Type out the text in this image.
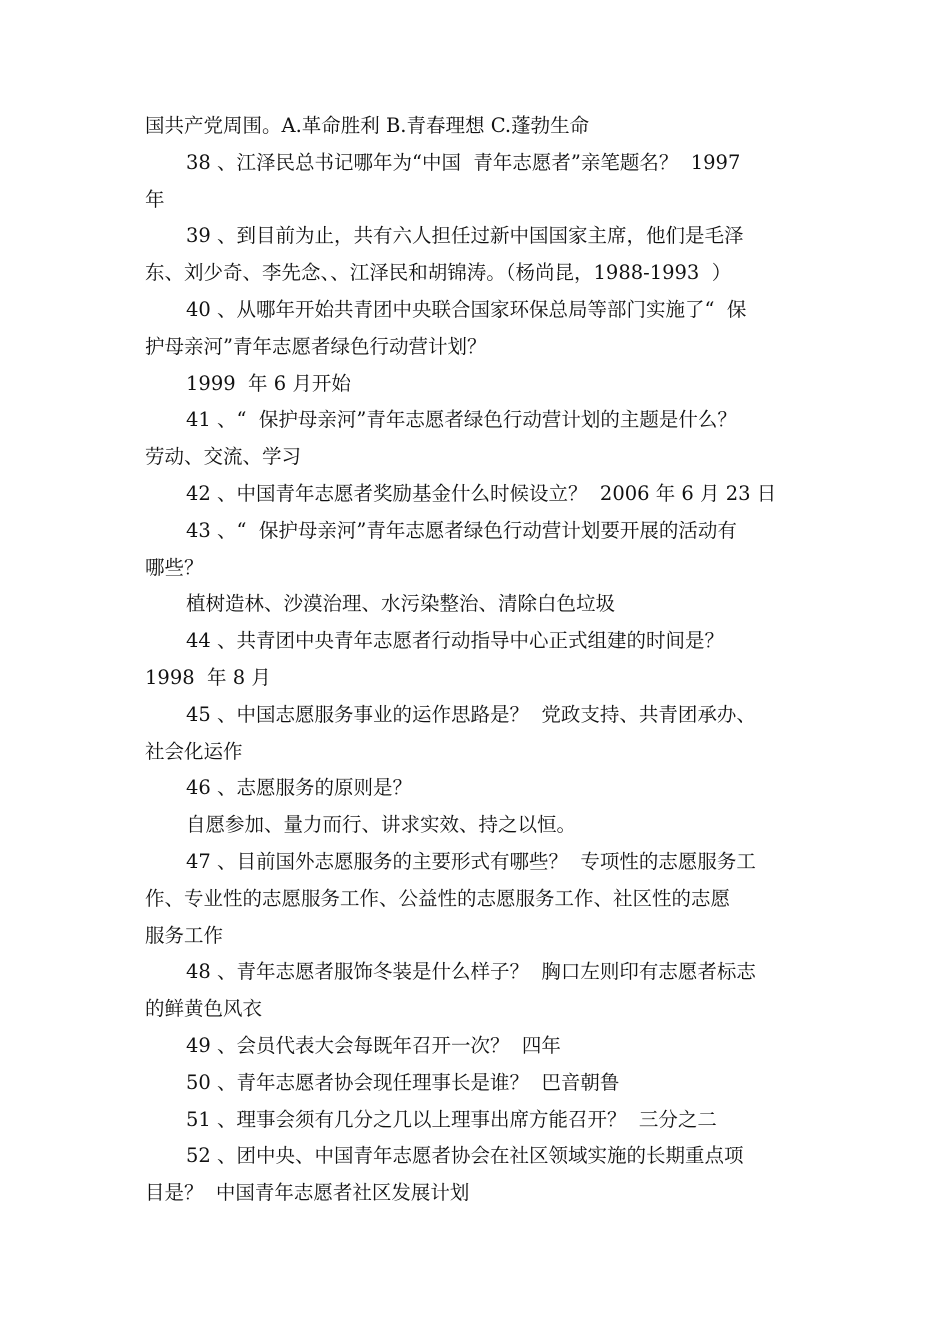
国共产党周围。A.革命胜利 B.青春理想 C.蓬勃生命
38 、江泽民总书记哪年为“中国  青年志愿者”亲笔题名？  1997
年
39 、到目前为止，共有六人担任过新中国国家主席，他们是毛泽
东、刘少奇、李先念、、江泽民和胡锦涛。（杨尚昆，1988-1993  ）
40 、从哪年开始共青团中央联合国家环保总局等部门实施了“  保
护母亲河”青年志愿者绿色行动营计划？
1999  年 6 月开始
41 、“  保护母亲河”青年志愿者绿色行动营计划的主题是什么？
劳动、交流、学习
42 、中国青年志愿者奖励基金什么时候设立？  2006 年 6 月 23 日
43 、“  保护母亲河”青年志愿者绿色行动营计划要开展的活动有
哪些？
植树造林、沙漠治理、水污染整治、清除白色垃圾
44 、共青团中央青年志愿者行动指导中心正式组建的时间是？
1998  年 8 月
45 、中国志愿服务事业的运作思路是？  党政支持、共青团承办、
社会化运作
46 、志愿服务的原则是？
自愿参加、量力而行、讲求实效、持之以恒。
47 、目前国外志愿服务的主要形式有哪些？  专项性的志愿服务工
作、专业性的志愿服务工作、公益性的志愿服务工作、社区性的志愿
服务工作
48 、青年志愿者服饰冬装是什么样子？  胸口左则印有志愿者标志
的鲜黄色风衣
49 、会员代表大会每既年召开一次？  四年
50 、青年志愿者协会现任理事长是谁？  巴音朝鲁
51 、理事会须有几分之几以上理事出席方能召开？  三分之二
52 、团中央、中国青年志愿者协会在社区领域实施的长期重点项
目是？  中国青年志愿者社区发展计划
